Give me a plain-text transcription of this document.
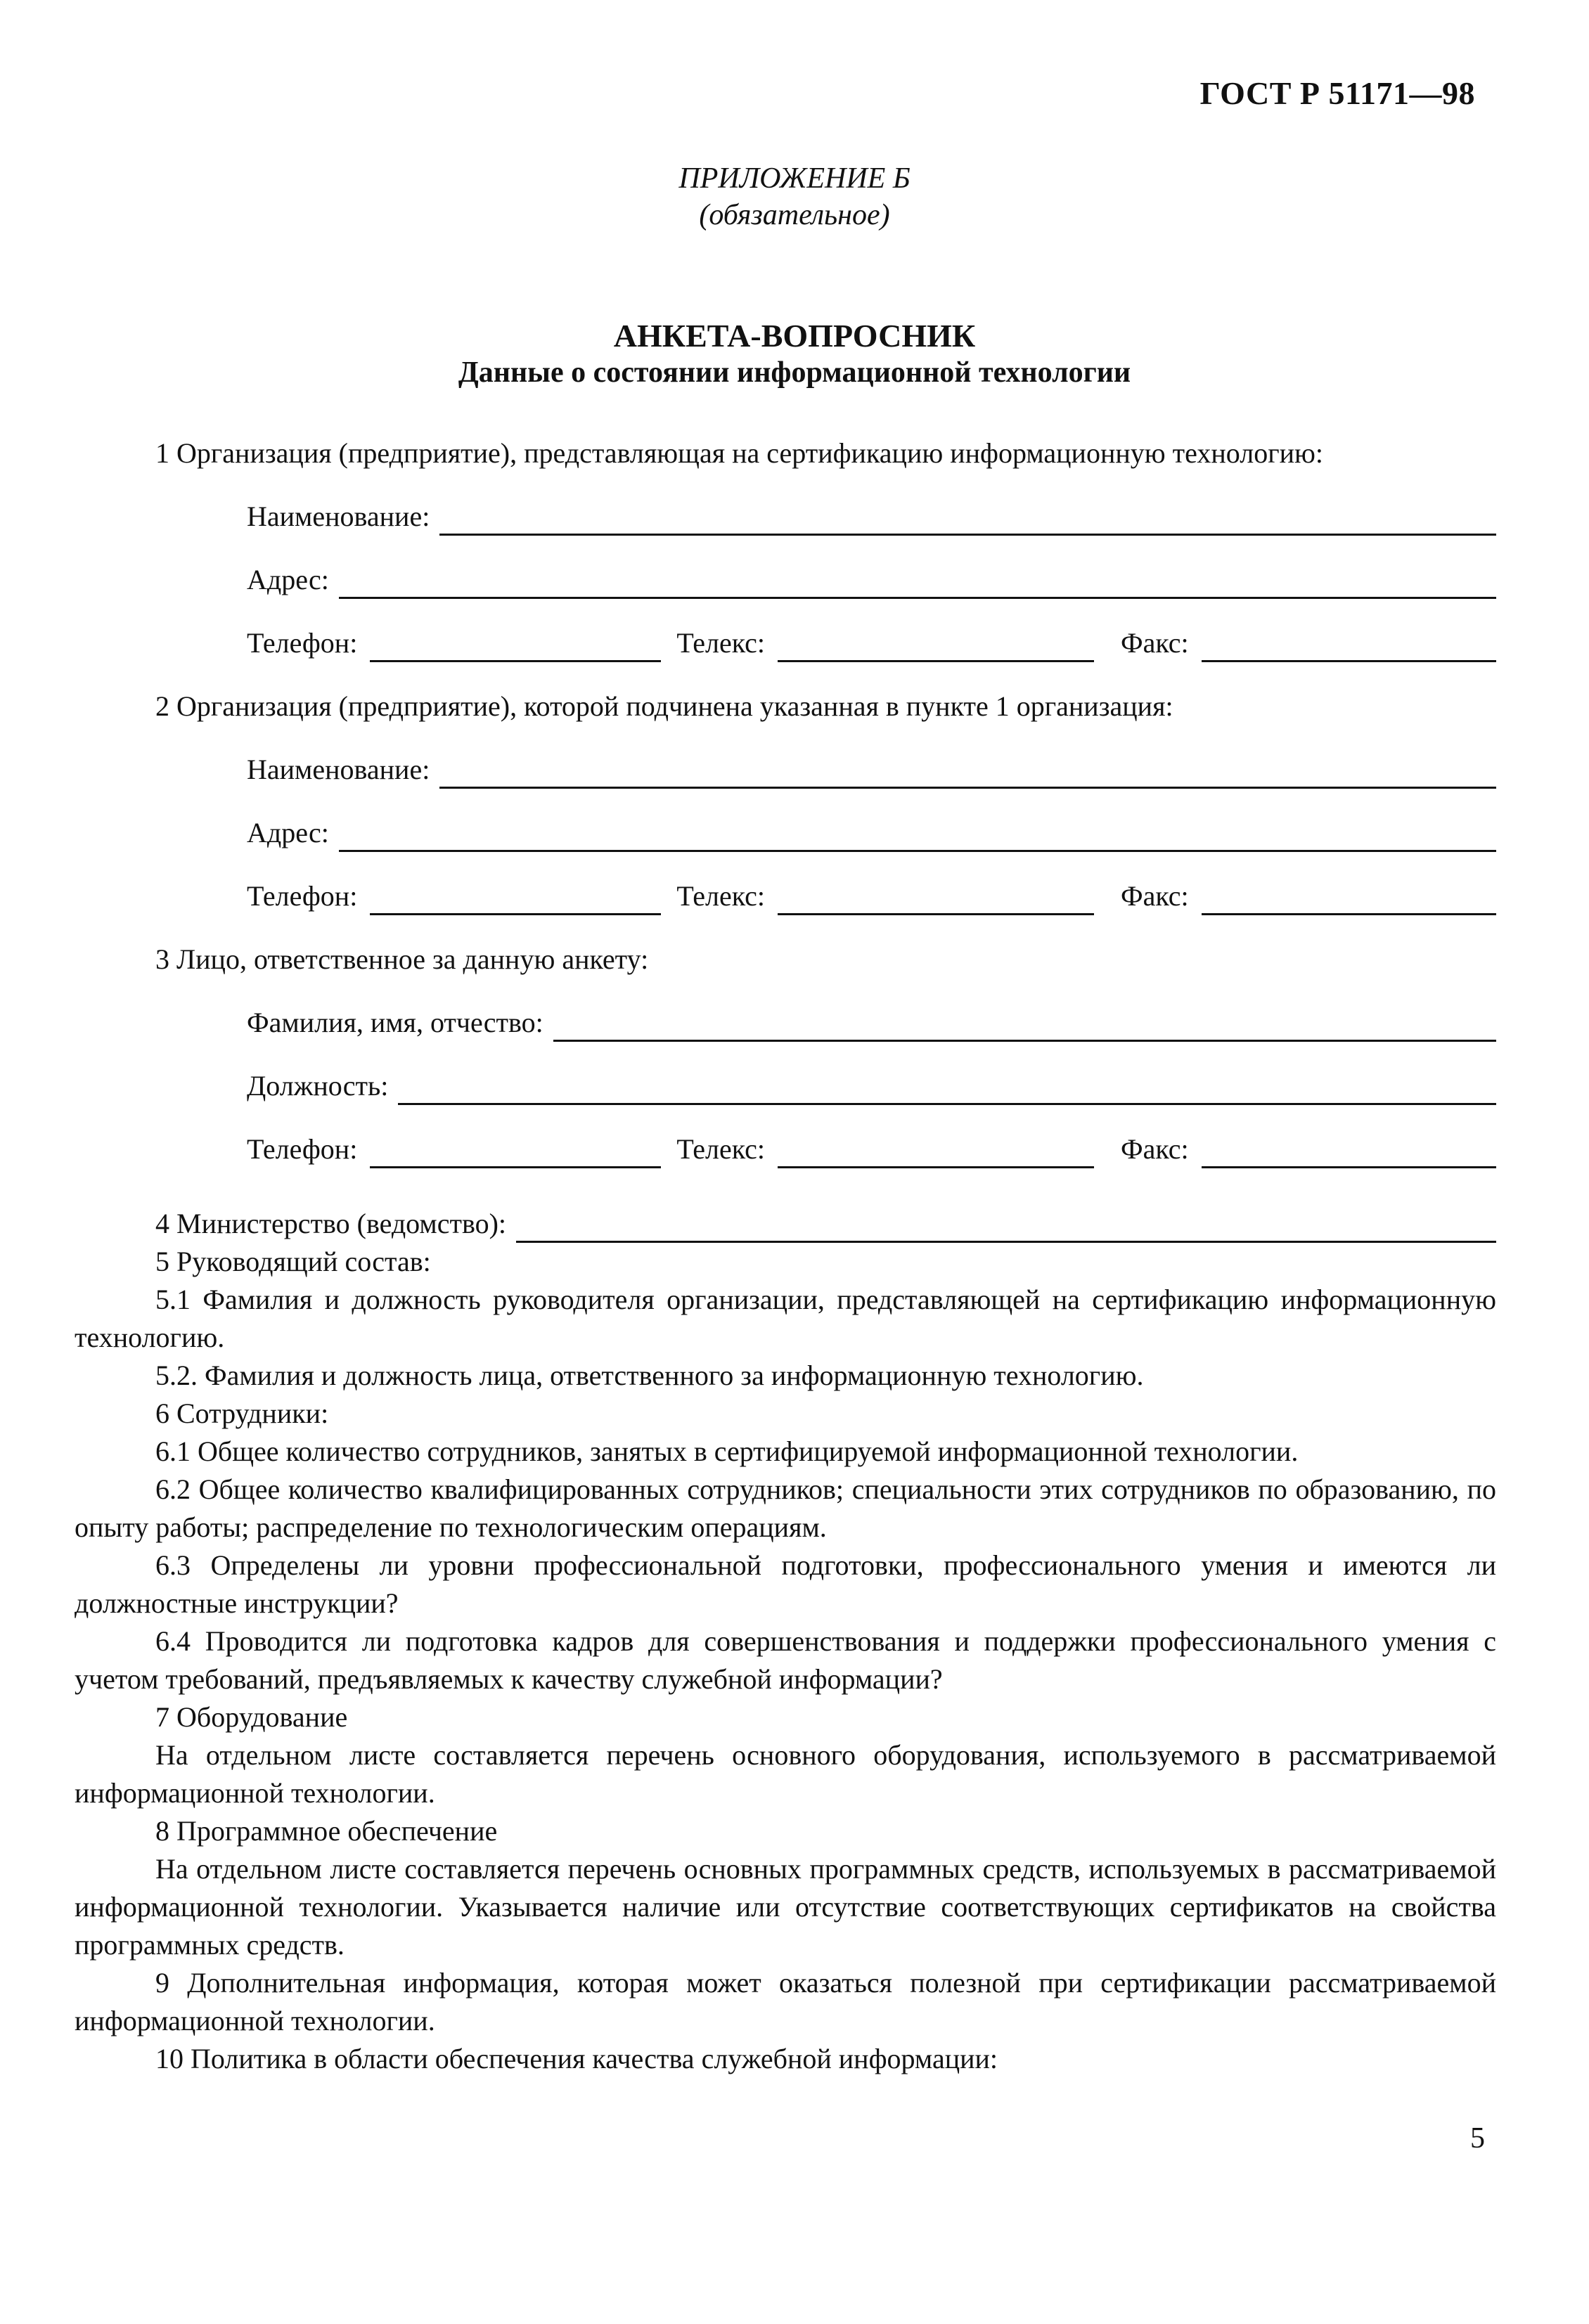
ГОСТ Р 51171—98
ПРИЛОЖЕНИЕ Б
(обязательное)
АНКЕТА-ВОПРОСНИК
Данные о состоянии информационной технологии

1 Организация (предприятие), представляющая на сертификацию информационную технологию:

Наименование:
Адрес:
Телефон:	Телекс:	Факс:

2 Организация (предприятие), которой подчинена указанная в пункте 1 организация:

Наименование:
Адрес:
Телефон:	Телекс:	Факс:

3 Лицо, ответственное за данную анкету:

Фамилия, имя, отчество:
Должность:
Телефон:	Телекс:	Факс:
4 Министерство (ведомство):

5 Руководящий состав:

5.1 Фамилия и должность руководителя организации, представляющей на сертификацию информационную технологию.

5.2. Фамилия и должность лица, ответственного за информационную технологию.

6 Сотрудники:

6.1 Общее количество сотрудников, занятых в сертифицируемой информационной технологии.

6.2 Общее количество квалифицированных сотрудников; специальности этих сотрудников по образованию, по опыту работы; распределение по технологическим операциям.

6.3 Определены ли уровни профессиональной подготовки, профессионального умения и имеются ли должностные инструкции?

6.4 Проводится ли подготовка кадров для совершенствования и поддержки профессионального умения с учетом требований, предъявляемых к качеству служебной информации?

7 Оборудование

На отдельном листе составляется перечень основного оборудования, используемого в рассматриваемой информационной технологии.

8 Программное обеспечение

На отдельном листе составляется перечень основных программных средств, используемых в рассматриваемой информационной технологии. Указывается наличие или отсутствие соответствующих сертификатов на свойства программных средств.

9 Дополнительная информация, которая может оказаться полезной при сертификации рассматриваемой информационной технологии.

10 Политика в области обеспечения качества служебной информации:

5
